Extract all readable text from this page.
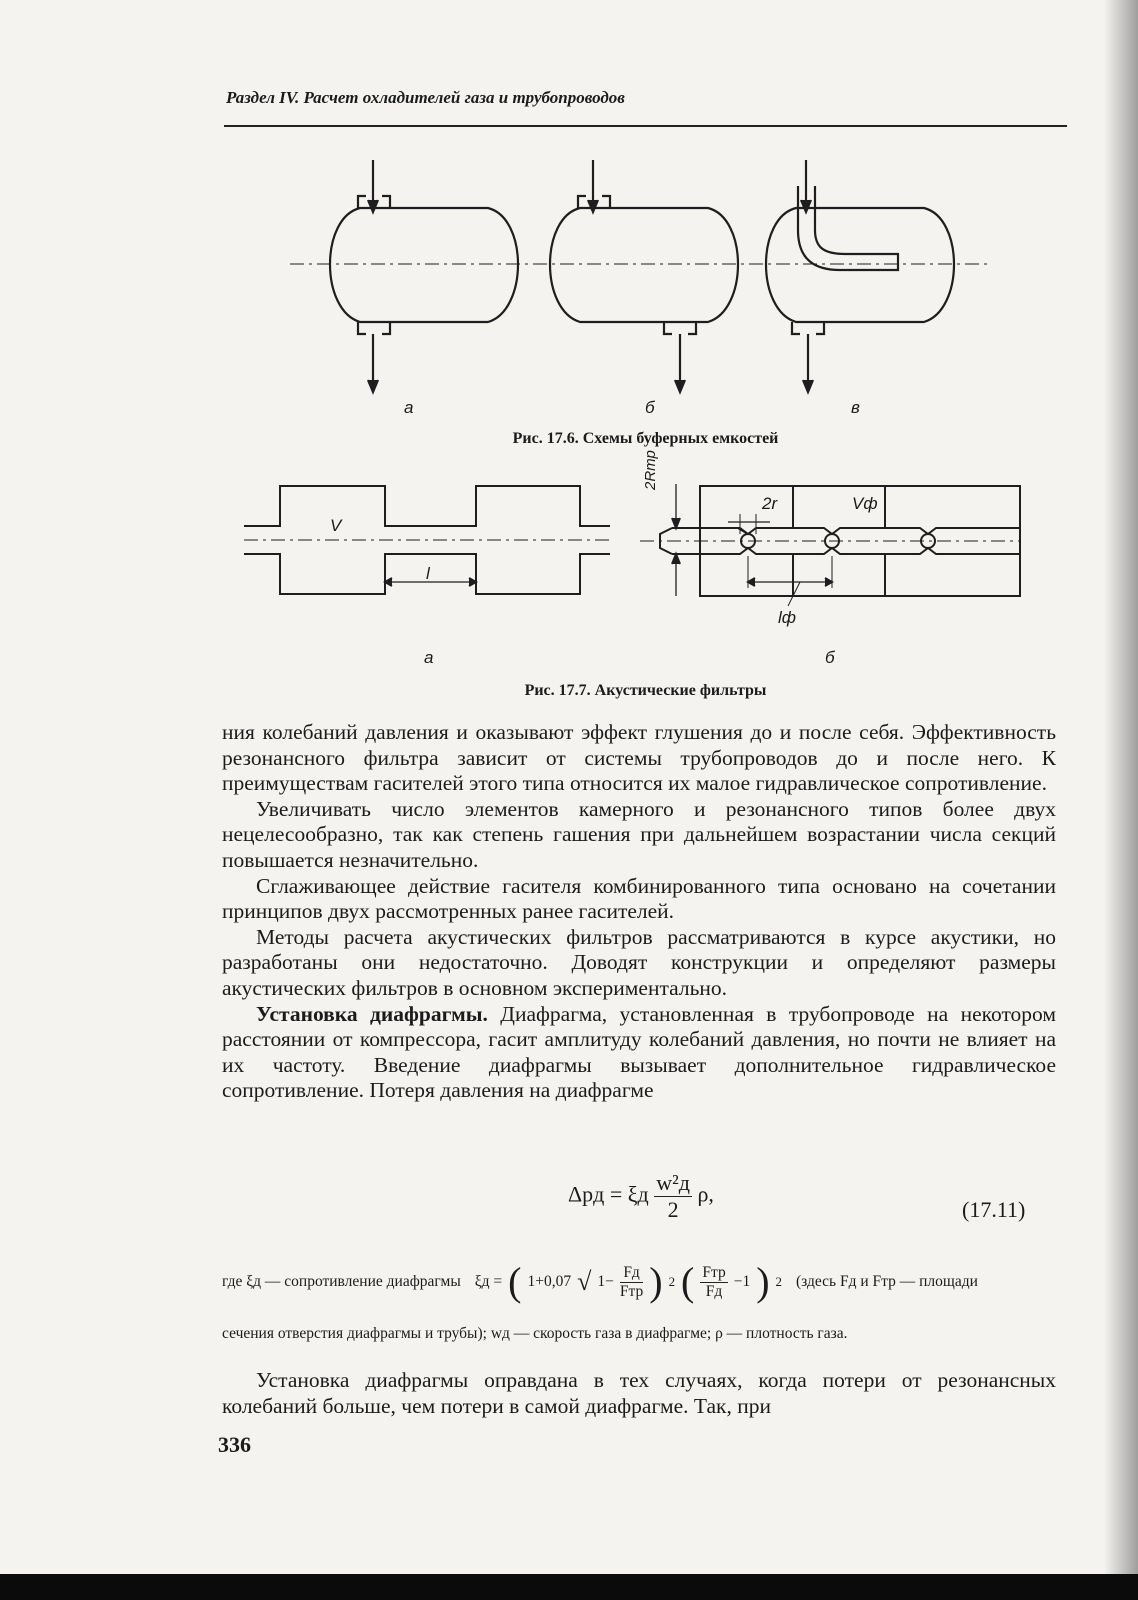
Раздел IV. Расчет охладителей газа и трубопроводов
a	б	в
Рис. 17.6. Схемы буферных емкостей
V
l
2r	Vф
2Rтр
lф
a	б
Рис. 17.7. Акустические фильтры

ния колебаний давления и оказывают эффект глушения до и после себя. Эффективность резонансного фильтра зависит от системы трубопроводов до и после него. К преимуществам гасителей этого типа относится их малое гидравлическое сопротивление.

Увеличивать число элементов камерного и резонансного типов более двух нецелесообразно, так как степень гашения при дальнейшем возрастании числа секций повышается незначительно.

Сглаживающее действие гасителя комбинированного типа основано на сочетании принципов двух рассмотренных ранее гасителей.

Методы расчета акустических фильтров рассматриваются в курсе акустики, но разработаны они недостаточно. Доводят конструкции и определяют размеры акустических фильтров в основном экспериментально.

Установка диафрагмы. Диафрагма, установленная в трубопроводе на некотором расстоянии от компрессора, гасит амплитуду колебаний давления, но почти не влияет на их частоту. Введение диафрагмы вызывает дополнительное гидравлическое сопротивление. Потеря давления на диафрагме

Δpд = ξд $\frac{\text{w²д}}{2} \rho$,
(17.11)
где ξд — сопротивление диафрагмы ξд = ( 1+0,07 √ $1- \frac{Fд}{\text{Fтр}}$ ) 2 ( $\frac{\text{Fтр}}{Fд} -1$ ) 2 (здесь Fд и Fтр — площади
сечения отверстия диафрагмы и трубы); wд — скорость газа в диафрагме; ρ — плотность газа.

Установка диафрагмы оправдана в тех случаях, когда потери от резонансных колебаний больше, чем потери в самой диафрагме. Так, при

336
